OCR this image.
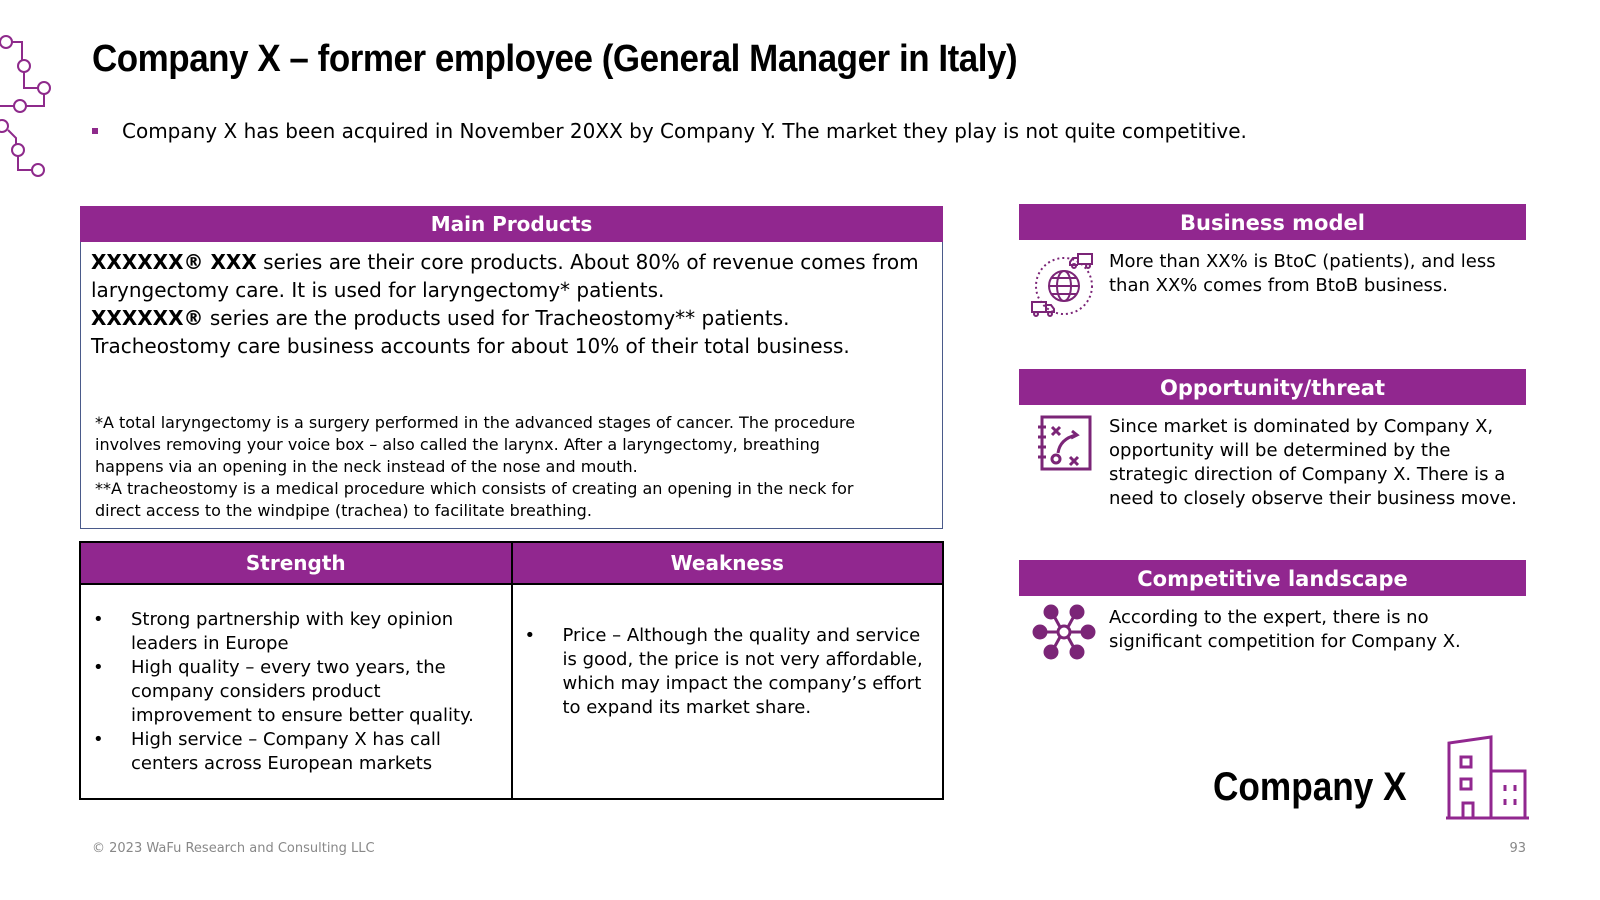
Company X – former employee (General Manager in Italy)
Company X has been acquired in November 20XX by Company Y. The market they play is not quite competitive.
Main Products

XXXXXX® XXX series are their core products. About 80% of revenue comes from laryngectomy care. It is used for laryngectomy* patients.
XXXXXX® series are the products used for Tracheostomy** patients. Tracheostomy care business accounts for about 10% of their total business.

*A total laryngectomy is a surgery performed in the advanced stages of cancer. The procedure involves removing your voice box – also called the larynx. After a laryngectomy, breathing happens via an opening in the neck instead of the nose and mouth.

**A tracheostomy is a medical procedure which consists of creating an opening in the neck for direct access to the windpipe (trachea) to facilitate breathing.

Strength
• Strong partnership with key opinion leaders in Europe
• High quality – every two years, the company considers product improvement to ensure better quality.
• High service – Company X has call centers across European markets
Weakness
• Price – Although the quality and service is good, the price is not very affordable, which may impact the company’s effort to expand its market share.
Business model
More than XX% is BtoC (patients), and less than XX% comes from BtoB business.
Opportunity/threat
Since market is dominated by Company X, opportunity will be determined by the strategic direction of Company X. There is a need to closely observe their business move.
Competitive landscape
According to the expert, there is no significant competition for Company X.
Company X
© 2023 WaFu Research and Consulting LLC	93
